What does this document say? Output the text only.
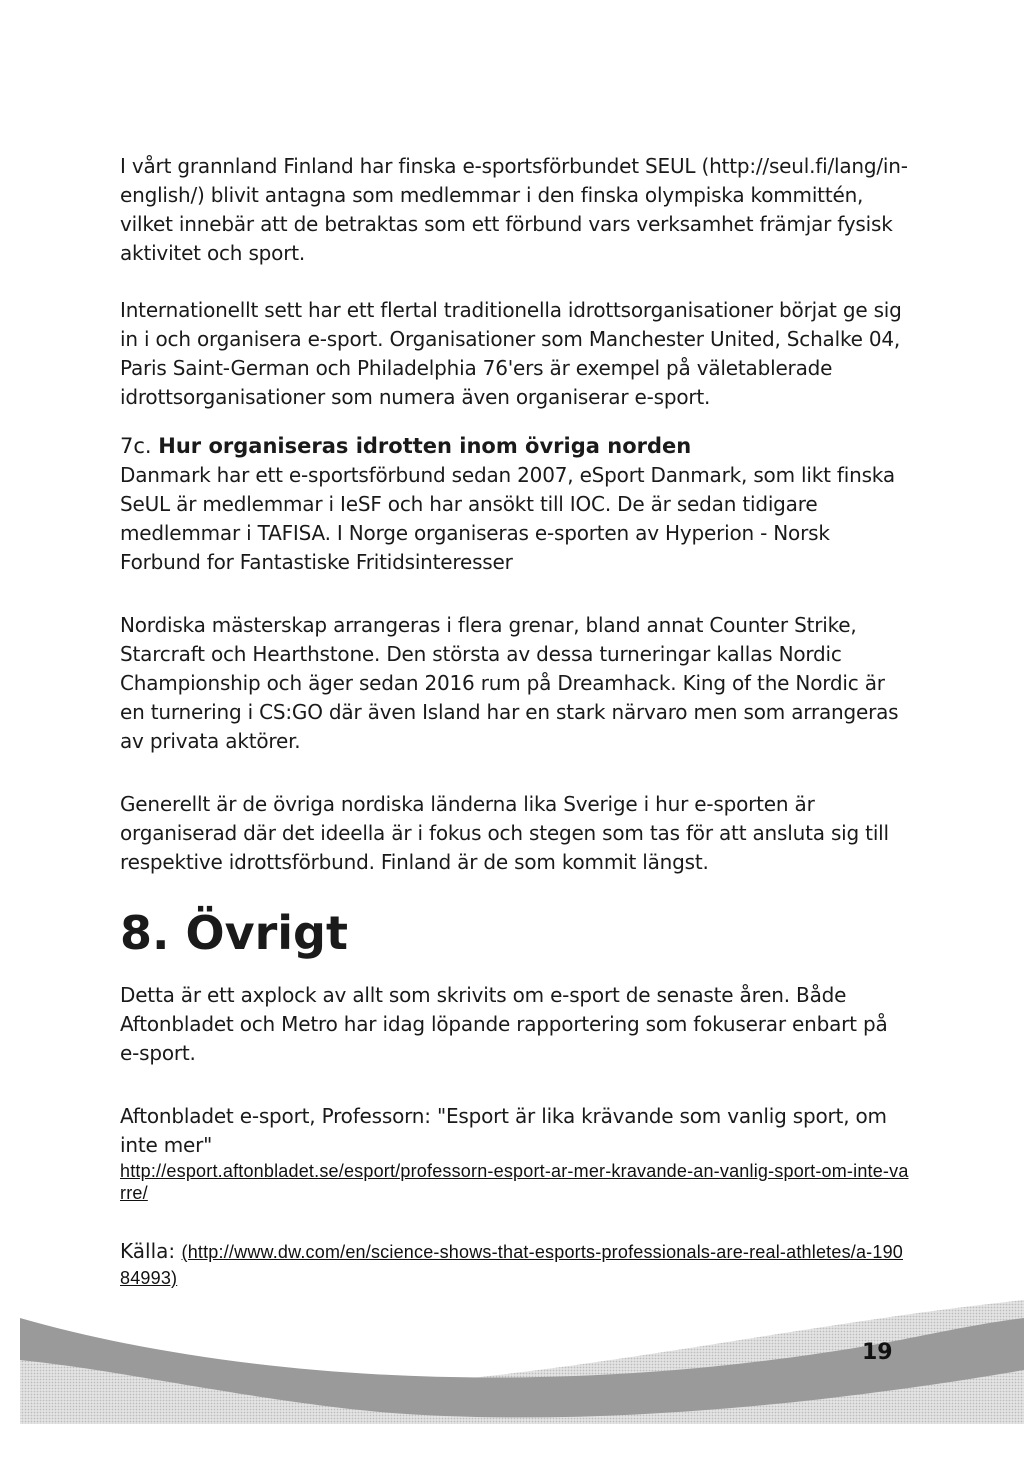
I vårt grannland Finland har finska e-sportsförbundet SEUL (http://seul.fi/lang/in-english/) blivit antagna som medlemmar i den finska olympiska kommittén, vilket innebär att de betraktas som ett förbund vars verksamhet främjar fysisk aktivitet och sport.

Internationellt sett har ett flertal traditionella idrottsorganisationer börjat ge sig in i och organisera e-sport. Organisationer som Manchester United, Schalke 04, Paris Saint-German och Philadelphia 76'ers är exempel på väletablerade idrottsorganisationer som numera även organiserar e-sport.

7c. Hur organiseras idrotten inom övriga norden

Danmark har ett e-sportsförbund sedan 2007, eSport Danmark, som likt finska SeUL är medlemmar i IeSF och har ansökt till IOC. De är sedan tidigare medlemmar i TAFISA. I Norge organiseras e-sporten av Hyperion - Norsk Forbund for Fantastiske Fritidsinteresser

Nordiska mästerskap arrangeras i flera grenar, bland annat Counter Strike, Starcraft och Hearthstone. Den största av dessa turneringar kallas Nordic Championship och äger sedan 2016 rum på Dreamhack. King of the Nordic är en turnering i CS:GO där även Island har en stark närvaro men som arrangeras av privata aktörer.

Generellt är de övriga nordiska länderna lika Sverige i hur e-sporten är organiserad där det ideella är i fokus och stegen som tas för att ansluta sig till respektive idrottsförbund. Finland är de som kommit längst.

8. Övrigt

Detta är ett axplock av allt som skrivits om e-sport de senaste åren. Både Aftonbladet och Metro har idag löpande rapportering som fokuserar enbart på e-sport.

Aftonbladet e-sport, Professorn: "Esport är lika krävande som vanlig sport, om inte mer"

http://esport.aftonbladet.se/esport/professorn-esport-ar-mer-kravande-an-vanlig-sport-om-inte-varre/
Källa: (http://www.dw.com/en/science-shows-that-esports-professionals-are-real-athletes/a-19084993)
19
